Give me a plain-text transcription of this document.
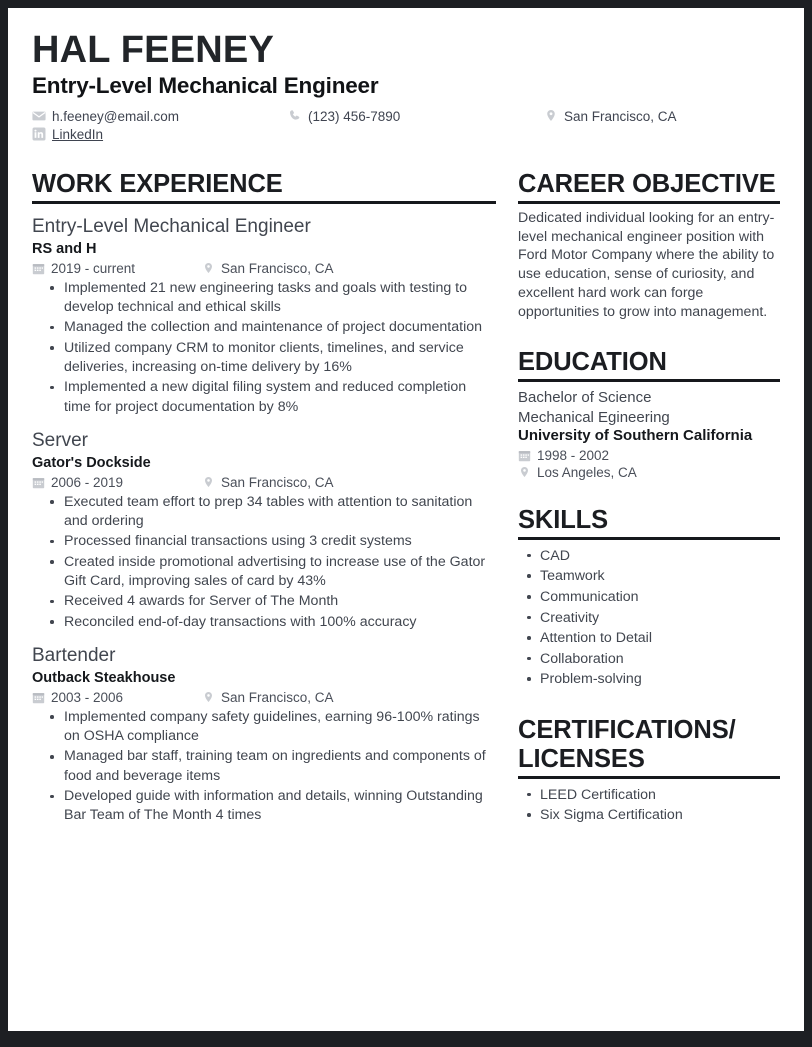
HAL FEENEY
Entry-Level Mechanical Engineer
h.feeney@email.com	(123) 456-7890	San Francisco, CA
LinkedIn
WORK EXPERIENCE
Entry-Level Mechanical Engineer
RS and H
2019 - current	San Francisco, CA
Implemented 21 new engineering tasks and goals with testing to develop technical and ethical skills
Managed the collection and maintenance of project documentation
Utilized company CRM to monitor clients, timelines, and service deliveries, increasing on-time delivery by 16%
Implemented a new digital filing system and reduced completion time for project documentation by 8%
Server
Gator's Dockside
2006 - 2019	San Francisco, CA
Executed team effort to prep 34 tables with attention to sanitation and ordering
Processed financial transactions using 3 credit systems
Created inside promotional advertising to increase use of the Gator Gift Card, improving sales of card by 43%
Received 4 awards for Server of The Month
Reconciled end-of-day transactions with 100% accuracy
Bartender
Outback Steakhouse
2003 - 2006	San Francisco, CA
Implemented company safety guidelines, earning 96-100% ratings on OSHA compliance
Managed bar staff, training team on ingredients and components of food and beverage items
Developed guide with information and details, winning Outstanding Bar Team of The Month 4 times
CAREER OBJECTIVE

Dedicated individual looking for an entry-level mechanical engineer position with Ford Motor Company where the ability to use education, sense of curiosity, and excellent hard work can forge opportunities to grow into management.

EDUCATION
Bachelor of Science
Mechanical Egineering
University of Southern California
1998 - 2002
Los Angeles, CA
SKILLS
CAD
Teamwork
Communication
Creativity
Attention to Detail
Collaboration
Problem-solving
CERTIFICATIONS/ LICENSES
LEED Certification
Six Sigma Certification
